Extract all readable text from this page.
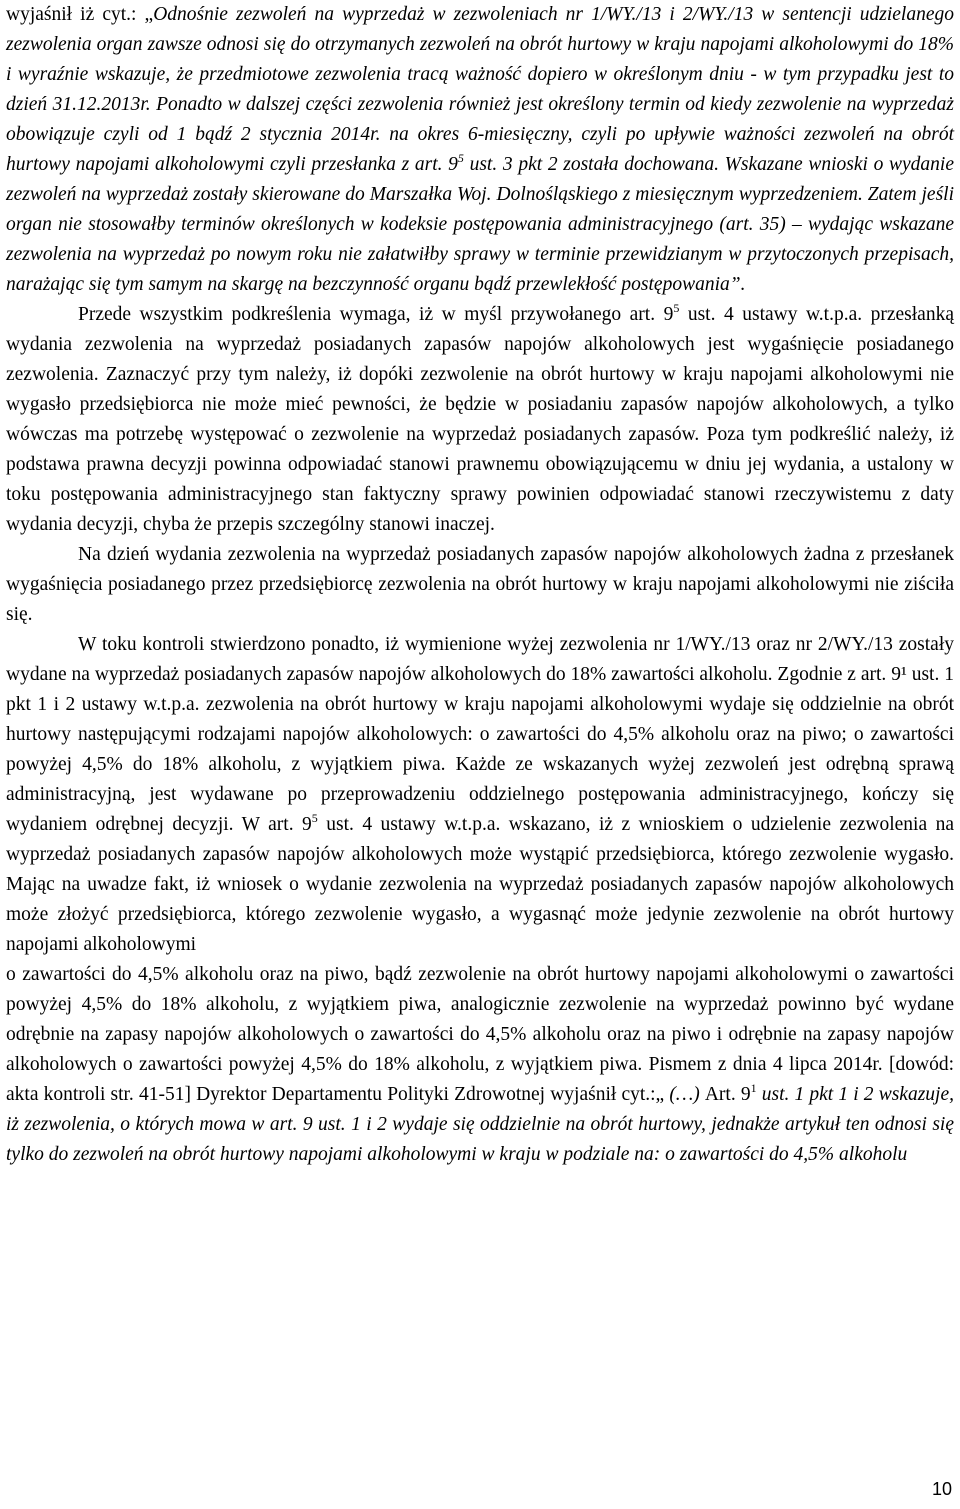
wyjaśnił iż cyt.: „Odnośnie zezwoleń na wyprzedaż w zezwoleniach nr 1/WY./13 i 2/WY./13 w sentencji udzielanego zezwolenia organ zawsze odnosi się do otrzymanych zezwoleń na obrót hurtowy w kraju napojami alkoholowymi do 18% i wyraźnie wskazuje, że przedmiotowe zezwolenia tracą ważność dopiero w określonym dniu - w tym przypadku jest to dzień 31.12.2013r. Ponadto w dalszej części zezwolenia również jest określony termin od kiedy zezwolenie na wyprzedaż obowiązuje czyli od 1 bądź 2 stycznia 2014r. na okres 6-miesięczny, czyli po upływie ważności zezwoleń na obrót hurtowy napojami alkoholowymi czyli przesłanka z art. $9^5$ ust. 3 pkt 2 została dochowana. Wskazane wnioski o wydanie zezwoleń na wyprzedaż zostały skierowane do Marszałka Woj. Dolnośląskiego z miesięcznym wyprzedzeniem. Zatem jeśli organ nie stosowałby terminów określonych w kodeksie postępowania administracyjnego (art. 35) – wydając wskazane zezwolenia na wyprzedaż po nowym roku nie załatwiłby sprawy w terminie przewidzianym w przytoczonych przepisach, narażając się tym samym na skargę na bezczynność organu bądź przewlekłość postępowania”.

Przede wszystkim podkreślenia wymaga, iż w myśl przywołanego art. $9^5$ ust. 4 ustawy w.t.p.a. przesłanką wydania zezwolenia na wyprzedaż posiadanych zapasów napojów alkoholowych jest wygaśnięcie posiadanego zezwolenia. Zaznaczyć przy tym należy, iż dopóki zezwolenie na obrót hurtowy w kraju napojami alkoholowymi nie wygasło przedsiębiorca nie może mieć pewności, że będzie w posiadaniu zapasów napojów alkoholowych, a tylko wówczas ma potrzebę występować o zezwolenie na wyprzedaż posiadanych zapasów. Poza tym podkreślić należy, iż podstawa prawna decyzji powinna odpowiadać stanowi prawnemu obowiązującemu w dniu jej wydania, a ustalony w toku postępowania administracyjnego stan faktyczny sprawy powinien odpowiadać stanowi rzeczywistemu z daty wydania decyzji, chyba że przepis szczególny stanowi inaczej.

Na dzień wydania zezwolenia na wyprzedaż posiadanych zapasów napojów alkoholowych żadna z przesłanek wygaśnięcia posiadanego przez przedsiębiorcę zezwolenia na obrót hurtowy w kraju napojami alkoholowymi nie ziściła się.

W toku kontroli stwierdzono ponadto, iż wymienione wyżej zezwolenia nr 1/WY./13 oraz nr 2/WY./13 zostały wydane na wyprzedaż posiadanych zapasów napojów alkoholowych do 18% zawartości alkoholu. Zgodnie z art. 9¹ ust. 1 pkt 1 i 2 ustawy w.t.p.a. zezwolenia na obrót hurtowy w kraju napojami alkoholowymi wydaje się oddzielnie na obrót hurtowy następującymi rodzajami napojów alkoholowych: o zawartości do 4,5% alkoholu oraz na piwo; o zawartości powyżej 4,5% do 18% alkoholu, z wyjątkiem piwa. Każde ze wskazanych wyżej zezwoleń jest odrębną sprawą administracyjną, jest wydawane po przeprowadzeniu oddzielnego postępowania administracyjnego, kończy się wydaniem odrębnej decyzji. W art. $9^5$ ust. 4 ustawy w.t.p.a. wskazano, iż z wnioskiem o udzielenie zezwolenia na wyprzedaż posiadanych zapasów napojów alkoholowych może wystąpić przedsiębiorca, którego zezwolenie wygasło. Mając na uwadze fakt, iż wniosek o wydanie zezwolenia na wyprzedaż posiadanych zapasów napojów alkoholowych może złożyć przedsiębiorca, którego zezwolenie wygasło, a wygasnąć może jedynie zezwolenie na obrót hurtowy napojami alkoholowymi

o zawartości do 4,5% alkoholu oraz na piwo, bądź zezwolenie na obrót hurtowy napojami alkoholowymi o zawartości powyżej 4,5% do 18% alkoholu, z wyjątkiem piwa, analogicznie zezwolenie na wyprzedaż powinno być wydane odrębnie na zapasy napojów alkoholowych o zawartości do 4,5% alkoholu oraz na piwo i odrębnie na zapasy napojów alkoholowych o zawartości powyżej 4,5% do 18% alkoholu, z wyjątkiem piwa. Pismem z dnia 4 lipca 2014r. [dowód: akta kontroli str. 41-51] Dyrektor Departamentu Polityki Zdrowotnej wyjaśnił cyt.:„ (…) Art. $9^1$ ust. 1 pkt 1 i 2 wskazuje, iż zezwolenia, o których mowa w art. 9 ust. 1 i 2 wydaje się oddzielnie na obrót hurtowy, jednakże artykuł ten odnosi się tylko do zezwoleń na obrót hurtowy napojami alkoholowymi w kraju w podziale na: o zawartości do 4,5% alkoholu

10
